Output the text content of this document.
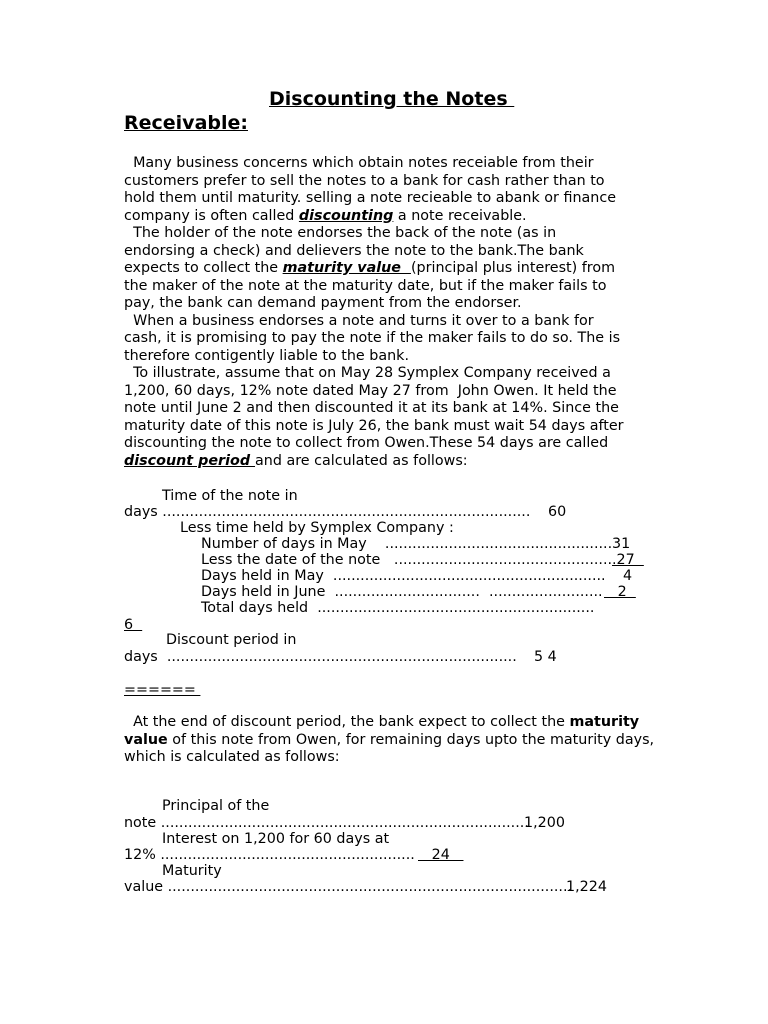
Discounting the Notes
Receivable:
Many business concerns which obtain notes receiable from their
customers prefer to sell the notes to a bank for cash rather than to
hold them until maturity. selling a note recieable to abank or finance
company is often called discounting a note receivable.
The holder of the note endorses the back of the note (as in
endorsing a check) and delievers the note to the bank.The bank
expects to collect the maturity value  (principal plus interest) from
the maker of the note at the maturity date, but if the maker fails to
pay, the bank can demand payment from the endorser.
When a business endorses a note and turns it over to a bank for
cash, it is promising to pay the note if the maker fails to do so. The is
therefore contigently liable to the bank.
To illustrate, assume that on May 28 Symplex Company received a
1,200, 60 days, 12% note dated May 27 from  John Owen. It held the
note until June 2 and then discounted it at its bank at 14%. Since the
maturity date of this note is July 26, the bank must wait 54 days after
discounting the note to collect from Owen.These 54 days are called
discount period and are calculated as follows:
Time of the note in
days ................................................................................. 60
Less time held by Symplex Company :
Number of days in May    .................................................. 31
Less the date of the note   .................................................
27
Days held in May  ............................................................ 4
Days held in June  ................................  ......................... 2
Total days held  .............................................................
6
Discount period in
days  ............................................................................. 5 4
======
At the end of discount period, the bank expect to collect the maturity
value of this note from Owen, for remaining days upto the maturity days,
which is calculated as follows:
Principal of the
note .................................................................................
1,200
Interest on 1,200 for 60 days at
12% ........................................................ 24
Maturity
value .........................................................................................
1,224
